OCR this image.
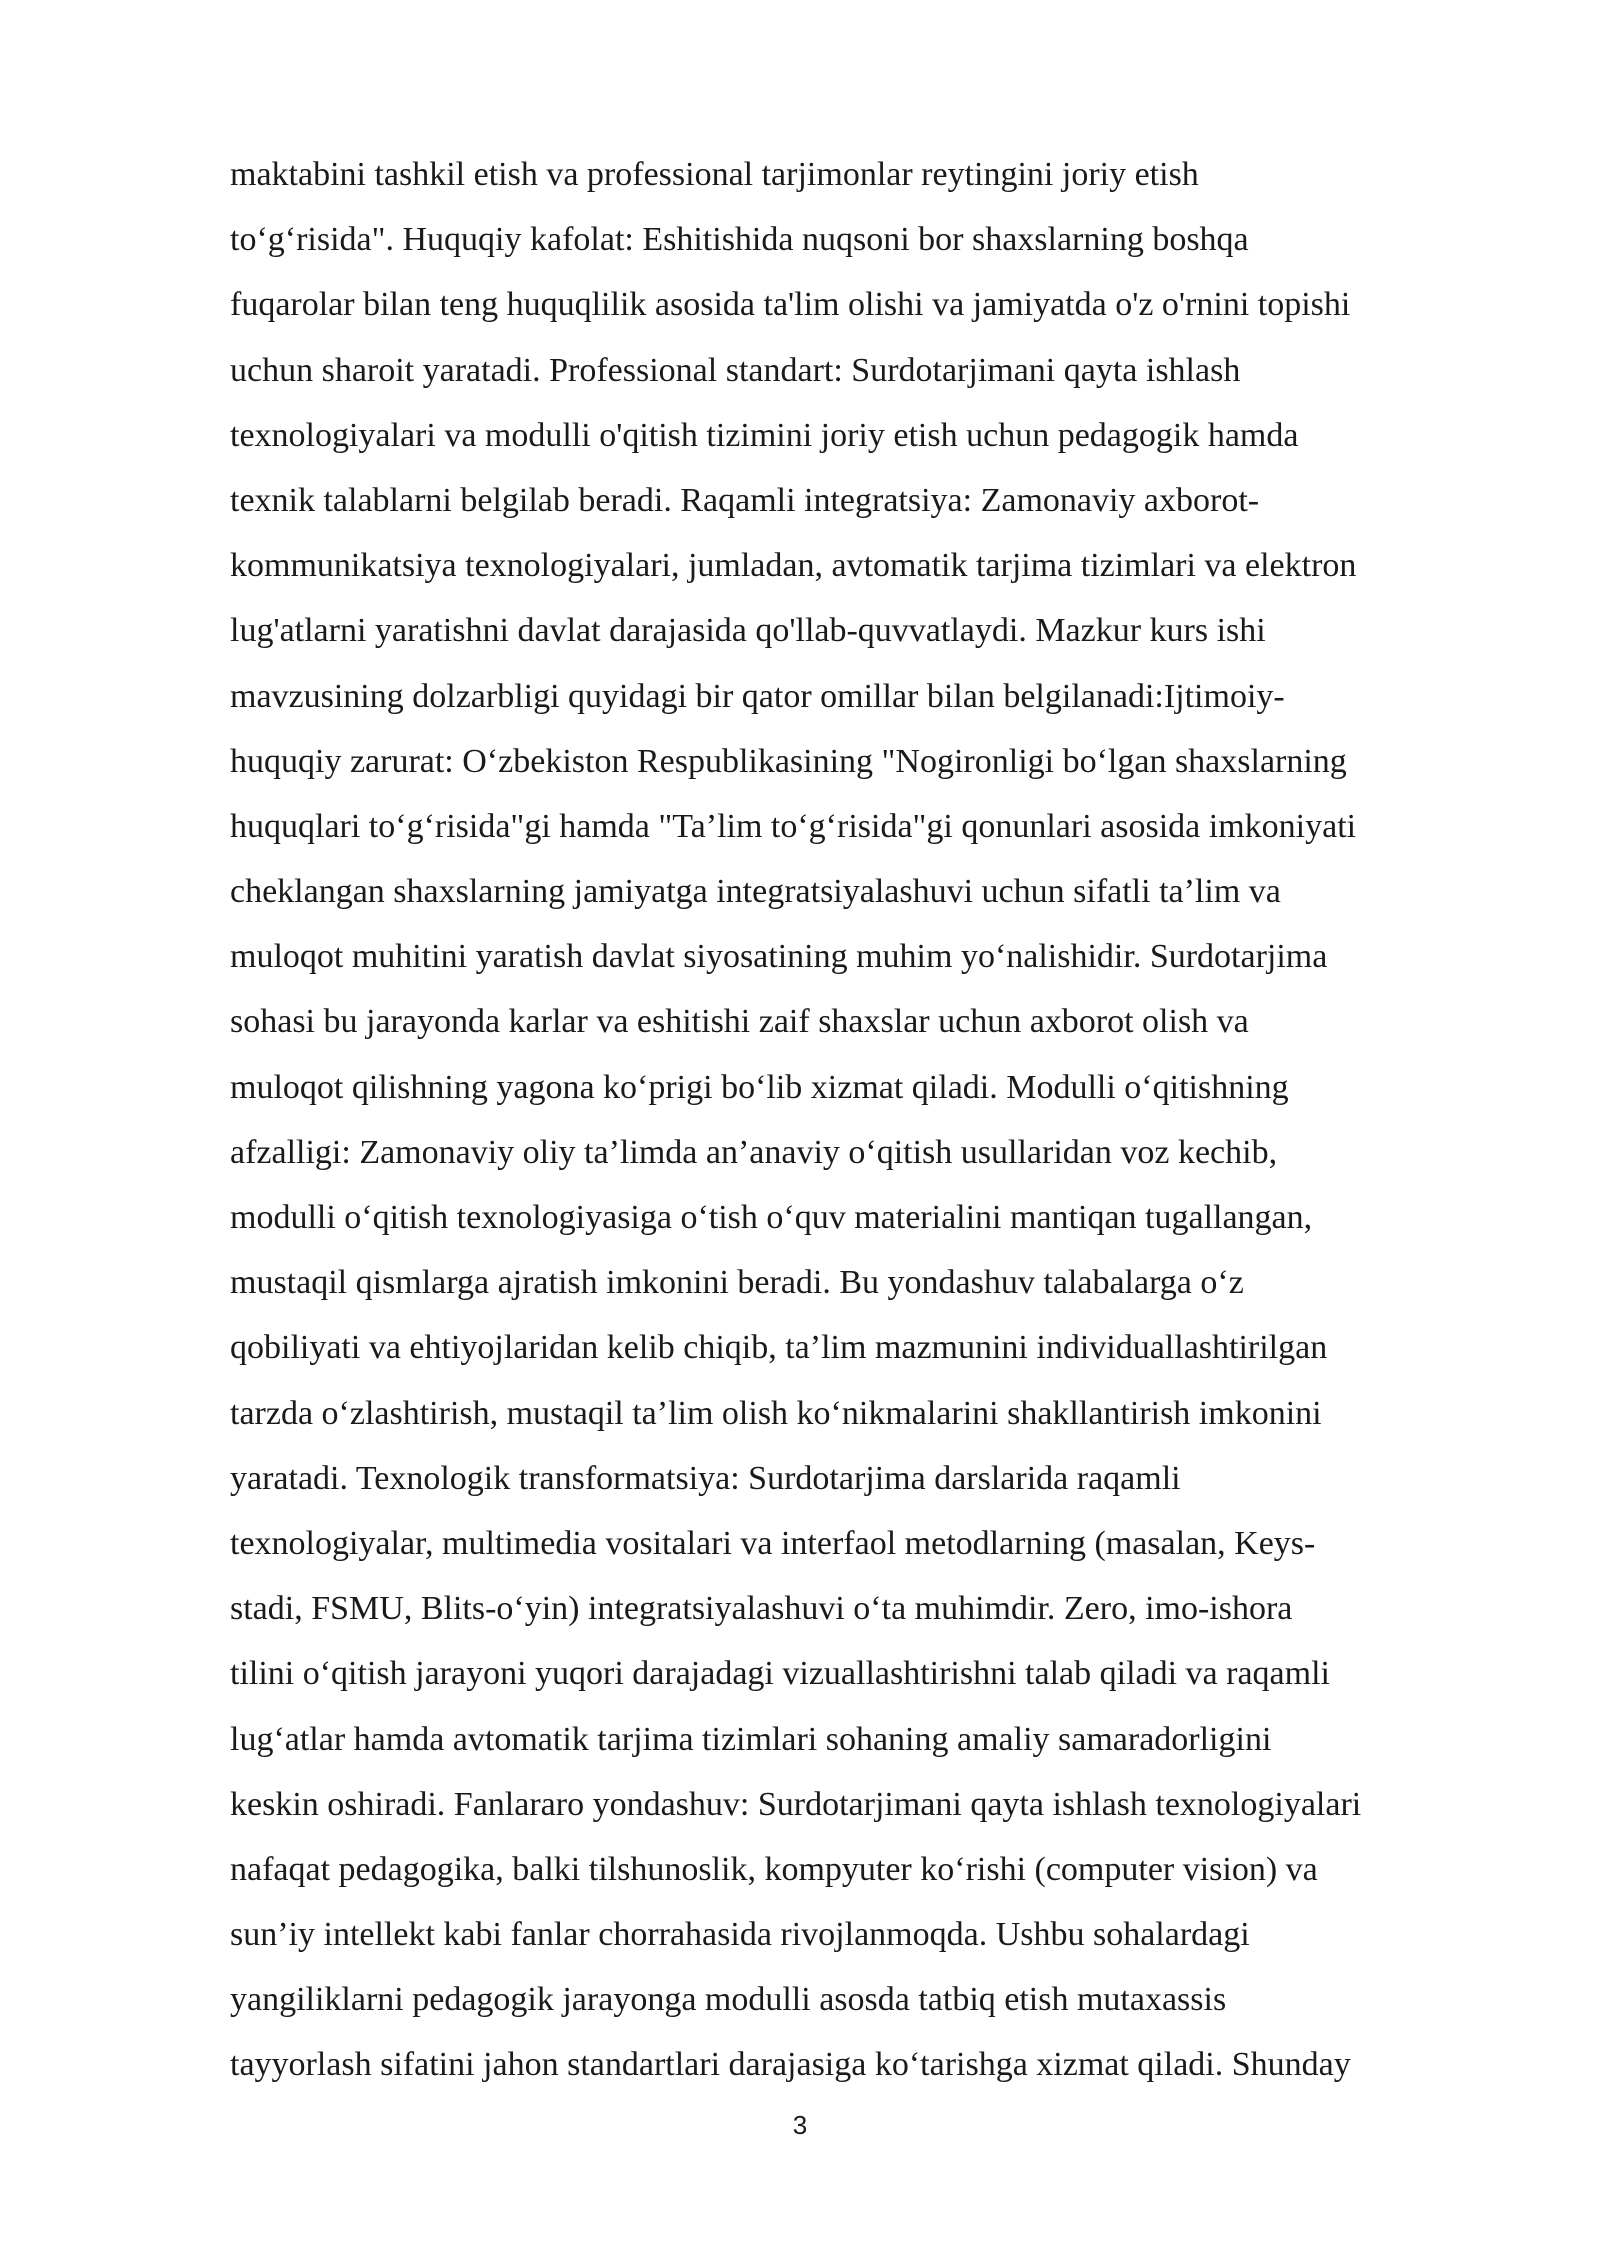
maktabini tashkil etish va professional tarjimonlar reytingini joriy etish
to‘g‘risida". Huquqiy kafolat: Eshitishida nuqsoni bor shaxslarning boshqa
fuqarolar bilan teng huquqlilik asosida ta'lim olishi va jamiyatda o'z o'rnini topishi
uchun sharoit yaratadi. Professional standart: Surdotarjimani qayta ishlash
texnologiyalari va modulli o'qitish tizimini joriy etish uchun pedagogik hamda
texnik talablarni belgilab beradi. Raqamli integratsiya: Zamonaviy axborot-
kommunikatsiya texnologiyalari, jumladan, avtomatik tarjima tizimlari va elektron
lug'atlarni yaratishni davlat darajasida qo'llab-quvvatlaydi. Mazkur kurs ishi
mavzusining dolzarbligi quyidagi bir qator omillar bilan belgilanadi:Ijtimoiy-
huquqiy zarurat: O‘zbekiston Respublikasining "Nogironligi bo‘lgan shaxslarning
huquqlari to‘g‘risida"gi hamda "Ta’lim to‘g‘risida"gi qonunlari asosida imkoniyati
cheklangan shaxslarning jamiyatga integratsiyalashuvi uchun sifatli ta’lim va
muloqot muhitini yaratish davlat siyosatining muhim yo‘nalishidir. Surdotarjima
sohasi bu jarayonda karlar va eshitishi zaif shaxslar uchun axborot olish va
muloqot qilishning yagona ko‘prigi bo‘lib xizmat qiladi. Modulli o‘qitishning
afzalligi: Zamonaviy oliy ta’limda an’anaviy o‘qitish usullaridan voz kechib,
modulli o‘qitish texnologiyasiga o‘tish o‘quv materialini mantiqan tugallangan,
mustaqil qismlarga ajratish imkonini beradi. Bu yondashuv talabalarga o‘z
qobiliyati va ehtiyojlaridan kelib chiqib, ta’lim mazmunini individuallashtirilgan
tarzda o‘zlashtirish, mustaqil ta’lim olish ko‘nikmalarini shakllantirish imkonini
yaratadi. Texnologik transformatsiya: Surdotarjima darslarida raqamli
texnologiyalar, multimedia vositalari va interfaol metodlarning (masalan, Keys-
stadi, FSMU, Blits-o‘yin) integratsiyalashuvi o‘ta muhimdir. Zero, imo-ishora
tilini o‘qitish jarayoni yuqori darajadagi vizuallashtirishni talab qiladi va raqamli
lug‘atlar hamda avtomatik tarjima tizimlari sohaning amaliy samaradorligini
keskin oshiradi. Fanlararo yondashuv: Surdotarjimani qayta ishlash texnologiyalari
nafaqat pedagogika, balki tilshunoslik, kompyuter ko‘rishi (computer vision) va
sun’iy intellekt kabi fanlar chorrahasida rivojlanmoqda. Ushbu sohalardagi
yangiliklarni pedagogik jarayonga modulli asosda tatbiq etish mutaxassis
tayyorlash sifatini jahon standartlari darajasiga ko‘tarishga xizmat qiladi. Shunday
3
